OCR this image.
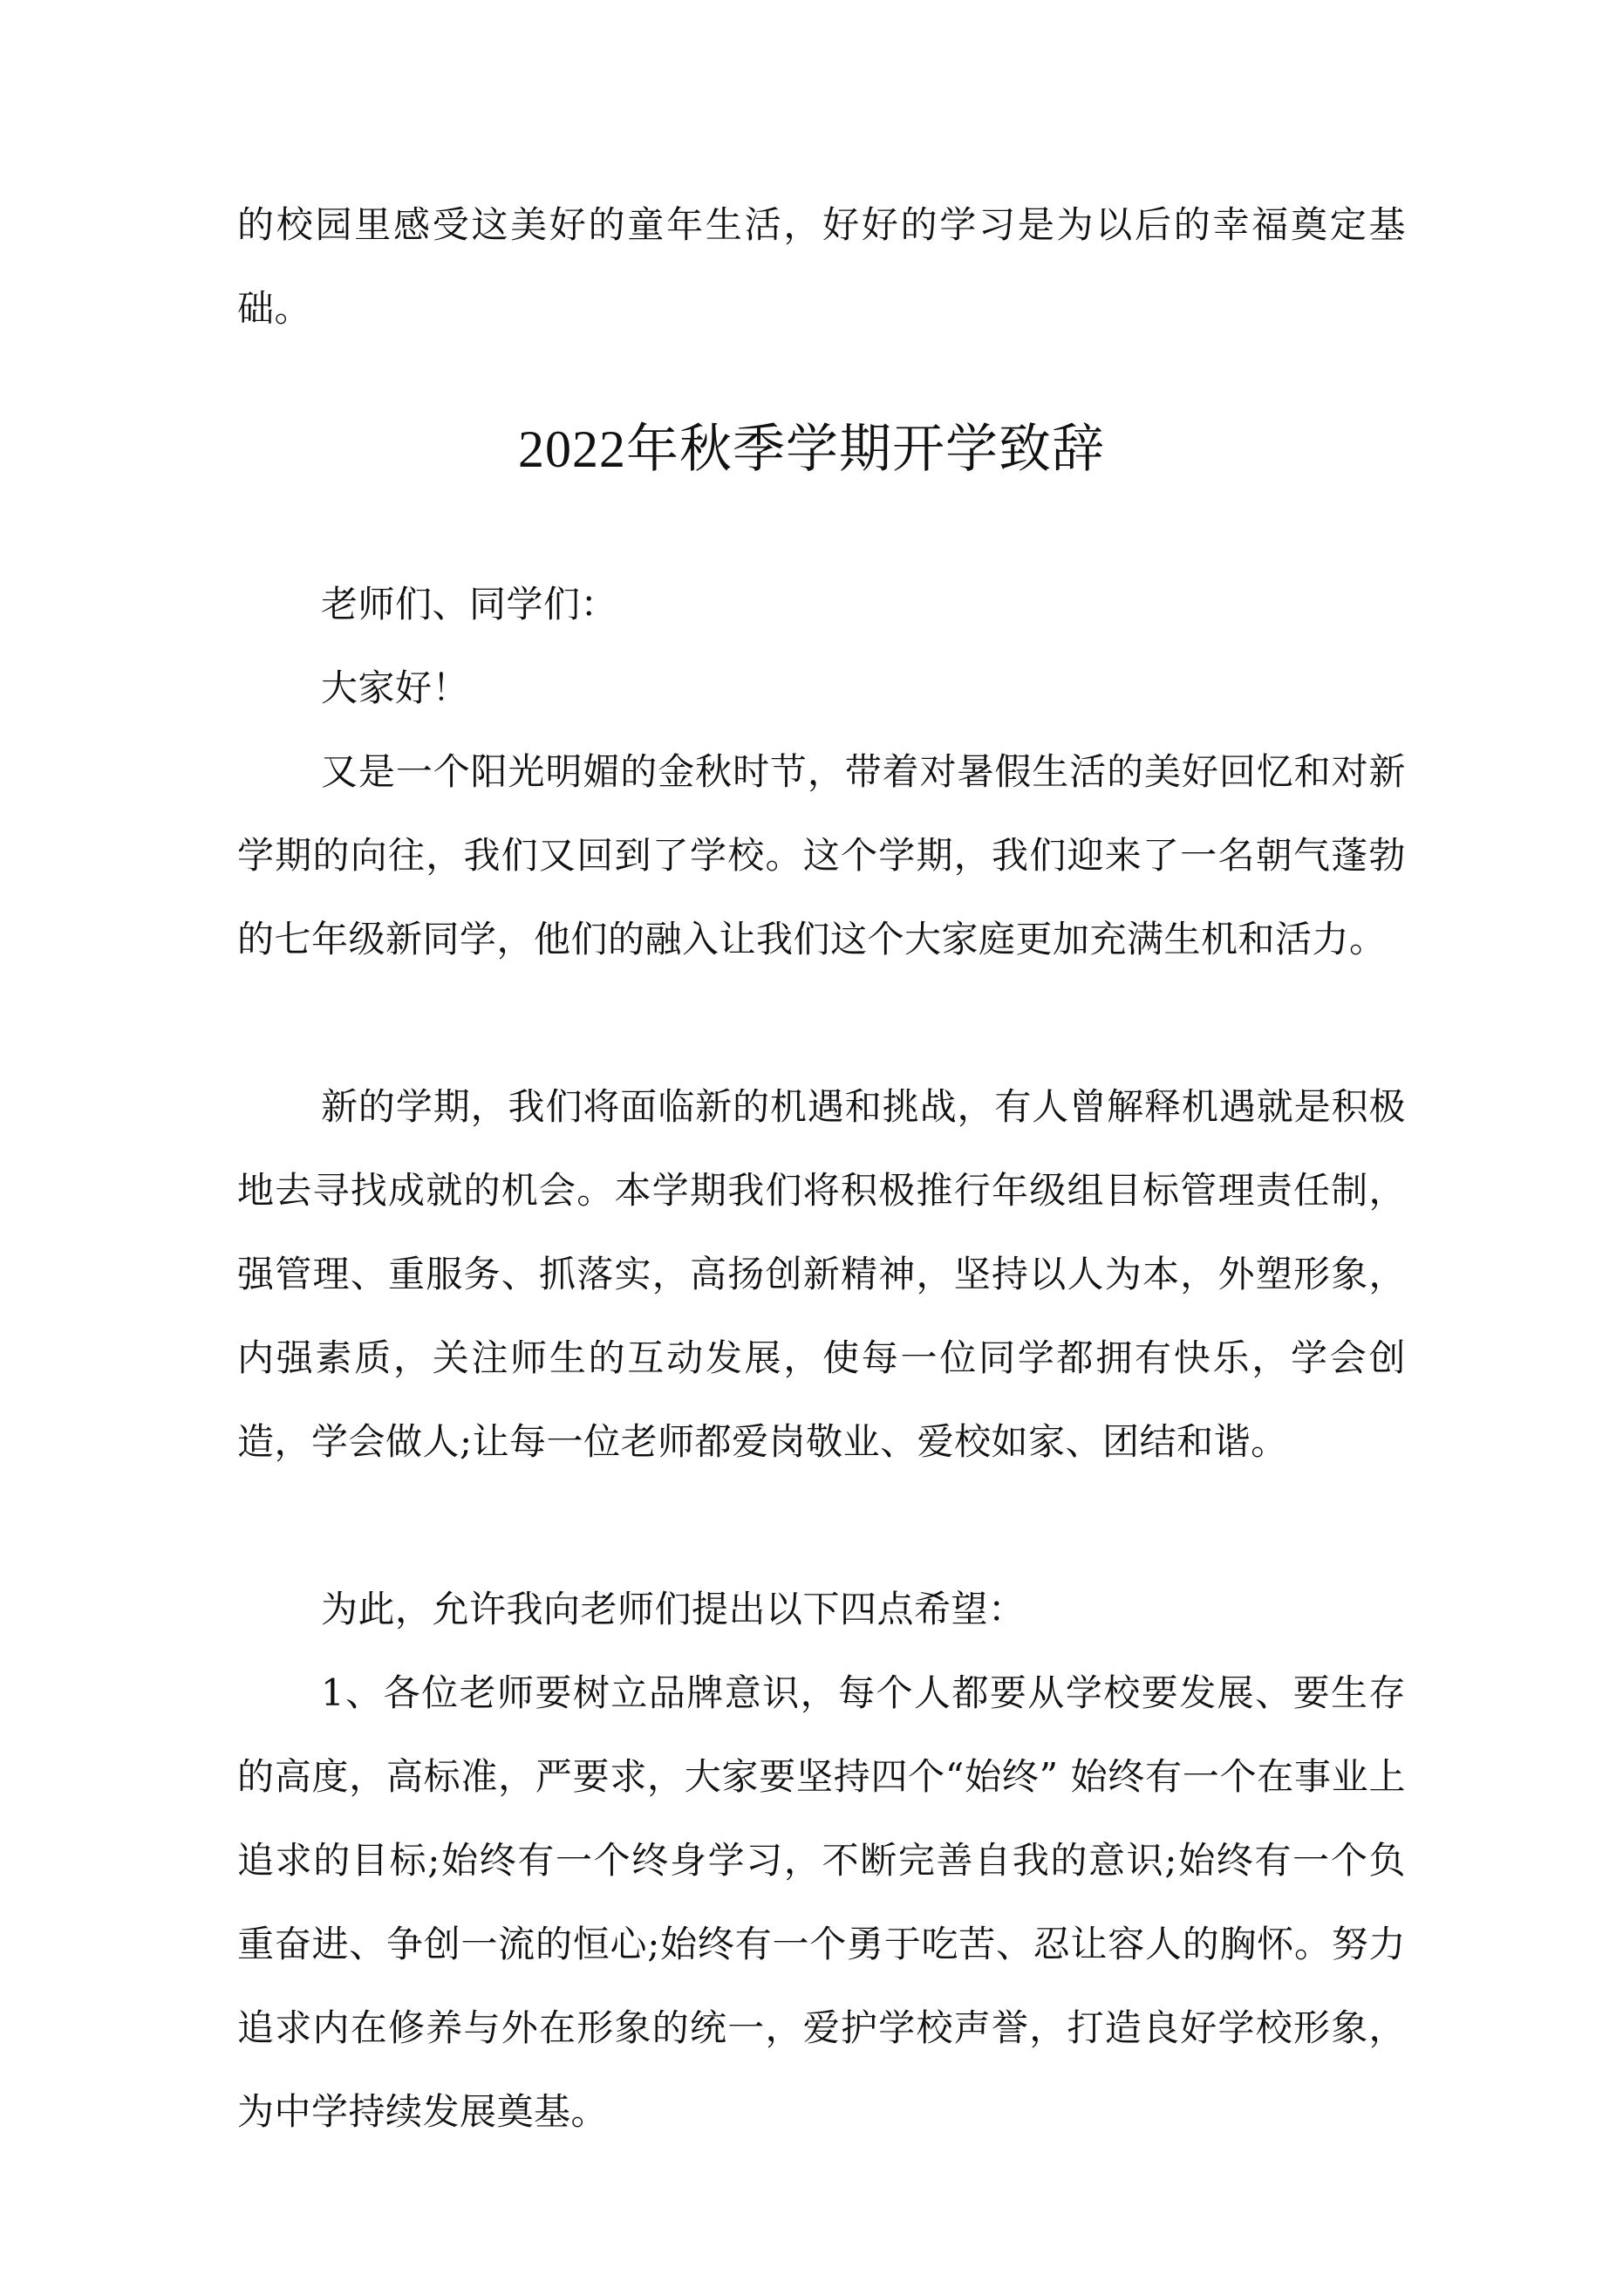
的校园里感受这美好的童年生活，好好的学习是为以后的幸福奠定基础。

2022年秋季学期开学致辞

老师们、同学们：

大家好！

又是一个阳光明媚的金秋时节，带着对暑假生活的美好回忆和对新学期的向往，我们又回到了学校。这个学期，我们迎来了一名朝气蓬勃的七年级新同学，他们的融入让我们这个大家庭更加充满生机和活力。

新的学期，我们将面临新的机遇和挑战，有人曾解释机遇就是积极地去寻找成就的机会。本学期我们将积极推行年级组目标管理责任制，强管理、重服务、抓落实，高扬创新精神，坚持以人为本，外塑形象，内强素质，关注师生的互动发展，使每一位同学都拥有快乐，学会创造，学会做人;让每一位老师都爱岗敬业、爱校如家、团结和谐。

为此，允许我向老师们提出以下四点希望：

1、各位老师要树立品牌意识，每个人都要从学校要发展、要生存的高度，高标准，严要求，大家要坚持四个“始终” 始终有一个在事业上追求的目标;始终有一个终身学习，不断完善自我的意识;始终有一个负重奋进、争创一流的恒心;始终有一个勇于吃苦、忍让容人的胸怀。努力追求内在修养与外在形象的统一，爱护学校声誉，打造良好学校形象，为中学持续发展奠基。
